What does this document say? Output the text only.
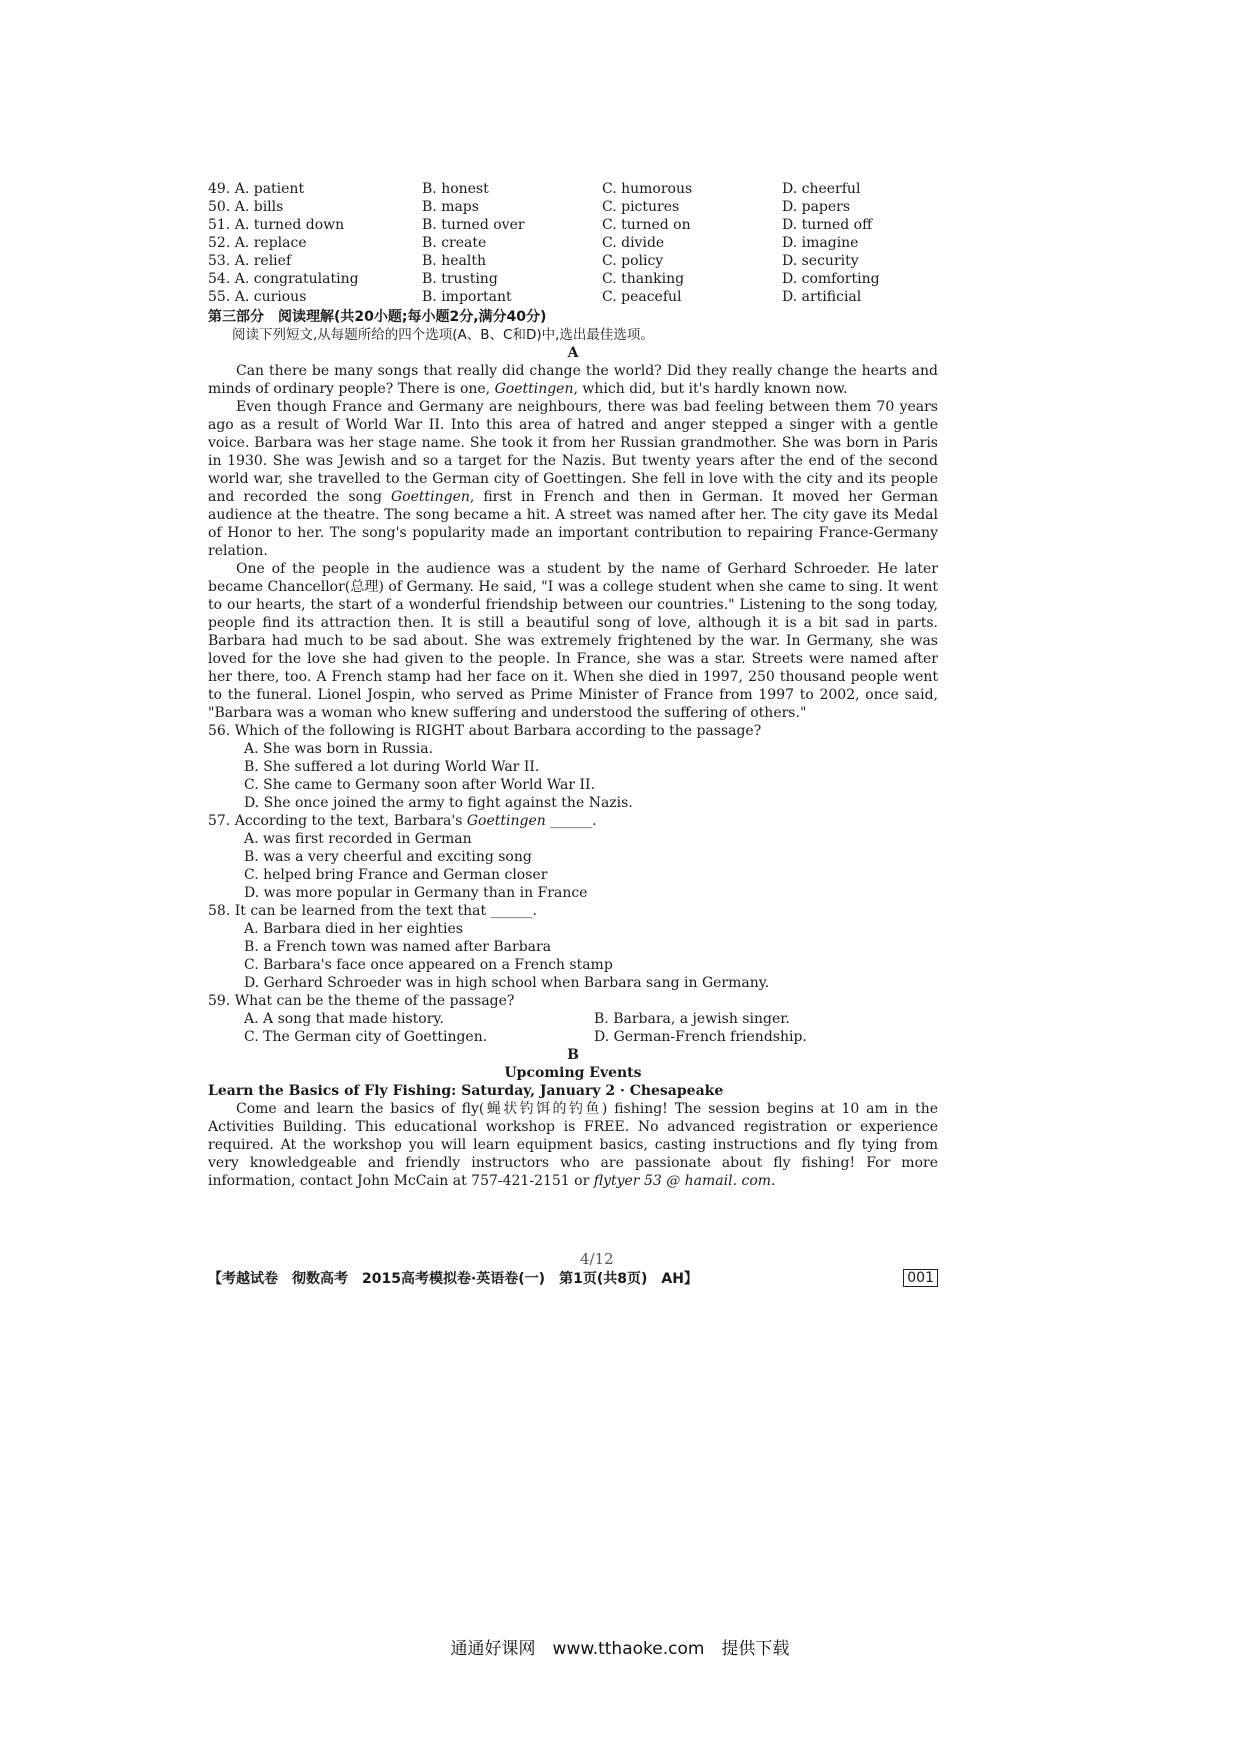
49. A. patient	B. honest	C. humorous	D. cheerful
50. A. bills	B. maps	C. pictures	D. papers
51. A. turned down	B. turned over	C. turned on	D. turned off
52. A. replace	B. create	C. divide	D. imagine
53. A. relief	B. health	C. policy	D. security
54. A. congratulating	B. trusting	C. thanking	D. comforting
55. A. curious	B. important	C. peaceful	D. artificial
第三部分　阅读理解(共20小题;每小题2分,满分40分)
阅读下列短文,从每题所给的四个选项(A、B、C和D)中,选出最佳选项。
A

Can there be many songs that really did change the world? Did they really change the hearts and minds of ordinary people? There is one, Goettingen, which did, but it's hardly known now.

Even though France and Germany are neighbours, there was bad feeling between them 70 years ago as a result of World War II. Into this area of hatred and anger stepped a singer with a gentle voice. Barbara was her stage name. She took it from her Russian grandmother. She was born in Paris in 1930. She was Jewish and so a target for the Nazis. But twenty years after the end of the second world war, she travelled to the German city of Goettingen. She fell in love with the city and its people and recorded the song Goettingen, first in French and then in German. It moved her German audience at the theatre. The song became a hit. A street was named after her. The city gave its Medal of Honor to her. The song's popularity made an important contribution to repairing France-Germany relation.

One of the people in the audience was a student by the name of Gerhard Schroeder. He later became Chancellor(总理) of Germany. He said, "I was a college student when she came to sing. It went to our hearts, the start of a wonderful friendship between our countries." Listening to the song today, people find its attraction then. It is still a beautiful song of love, although it is a bit sad in parts. Barbara had much to be sad about. She was extremely frightened by the war. In Germany, she was loved for the love she had given to the people. In France, she was a star. Streets were named after her there, too. A French stamp had her face on it. When she died in 1997, 250 thousand people went to the funeral. Lionel Jospin, who served as Prime Minister of France from 1997 to 2002, once said, "Barbara was a woman who knew suffering and understood the suffering of others."

56. Which of the following is RIGHT about Barbara according to the passage?
A. She was born in Russia.
B. She suffered a lot during World War II.
C. She came to Germany soon after World War II.
D. She once joined the army to fight against the Nazis.
57. According to the text, Barbara's Goettingen ______.
A. was first recorded in German
B. was a very cheerful and exciting song
C. helped bring France and German closer
D. was more popular in Germany than in France
58. It can be learned from the text that ______.
A. Barbara died in her eighties
B. a French town was named after Barbara
C. Barbara's face once appeared on a French stamp
D. Gerhard Schroeder was in high school when Barbara sang in Germany.
59. What can be the theme of the passage?
A. A song that made history.	B. Barbara, a jewish singer.
C. The German city of Goettingen.	D. German-French friendship.
B
Upcoming Events
Learn the Basics of Fly Fishing: Saturday, January 2 · Chesapeake

Come and learn the basics of fly(蝇状钓饵的钓鱼) fishing! The session begins at 10 am in the Activities Building. This educational workshop is FREE. No advanced registration or experience required. At the workshop you will learn equipment basics, casting instructions and fly tying from very knowledgeable and friendly instructors who are passionate about fly fishing! For more information, contact John McCain at 757-421-2151 or flytyer 53 @ hamail. com.

4/12
【考越试卷　彻数高考　2015高考模拟卷·英语卷(一)　第1页(共8页)　AH】	001
通通好课网　www.tthaoke.com　提供下载
